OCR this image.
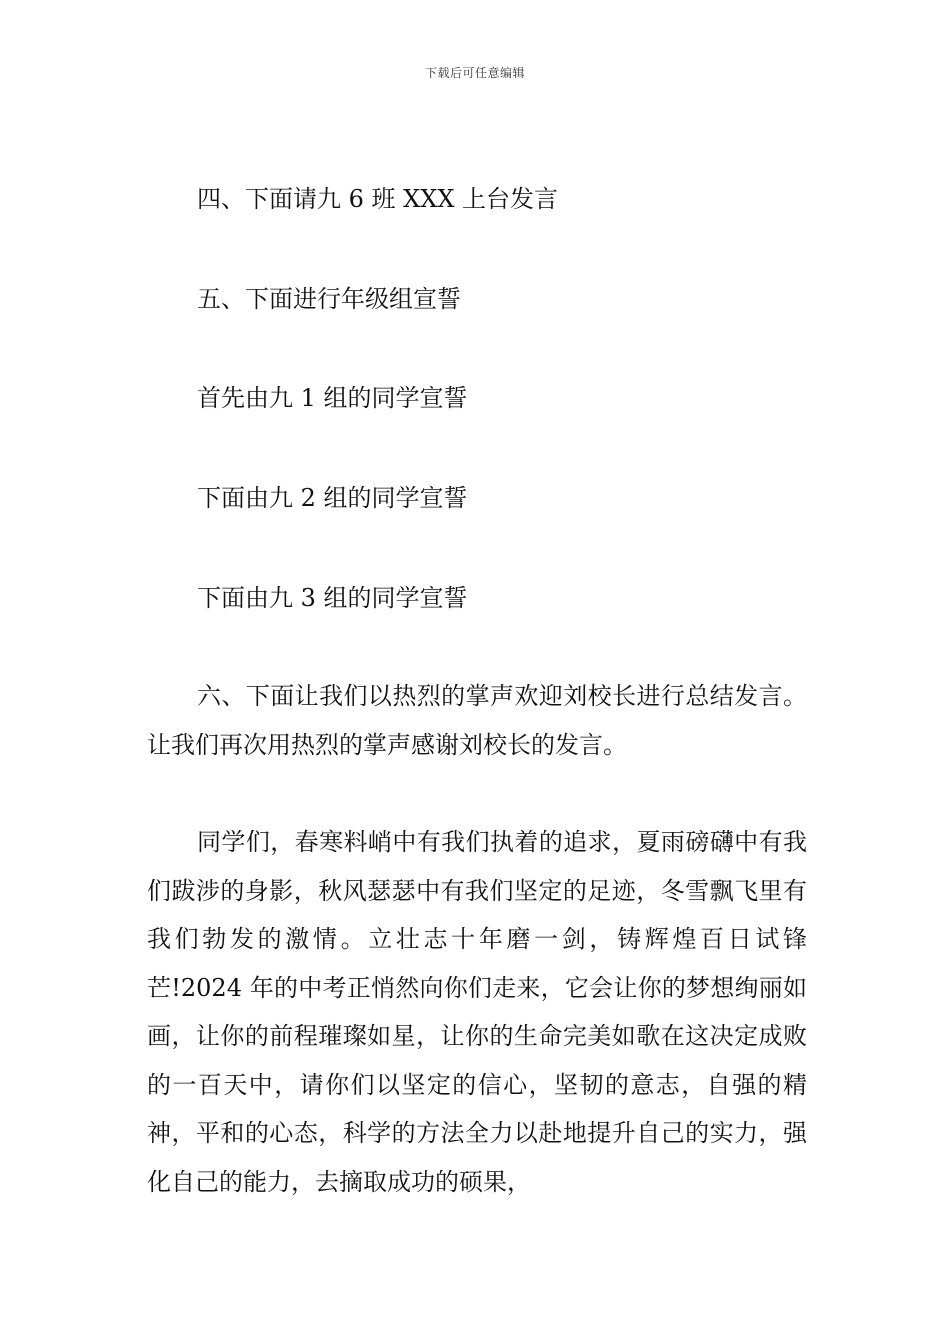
下载后可任意编辑
四、下面请九 6 班 XXX 上台发言
五、下面进行年级组宣誓
首先由九 1 组的同学宣誓
下面由九 2 组的同学宣誓
下面由九 3 组的同学宣誓

六、下面让我们以热烈的掌声欢迎刘校长进行总结发言。让我们再次用热烈的掌声感谢刘校长的发言。

同学们，春寒料峭中有我们执着的追求，夏雨磅礴中有我们跋涉的身影，秋风瑟瑟中有我们坚定的足迹，冬雪飘飞里有我们勃发的激情。立壮志十年磨一剑，铸辉煌百日试锋芒!2024 年的中考正悄然向你们走来，它会让你的梦想绚丽如画，让你的前程璀璨如星，让你的生命完美如歌在这决定成败的一百天中，请你们以坚定的信心，坚韧的意志，自强的精神，平和的心态，科学的方法全力以赴地提升自己的实力，强化自己的能力，去摘取成功的硕果，
